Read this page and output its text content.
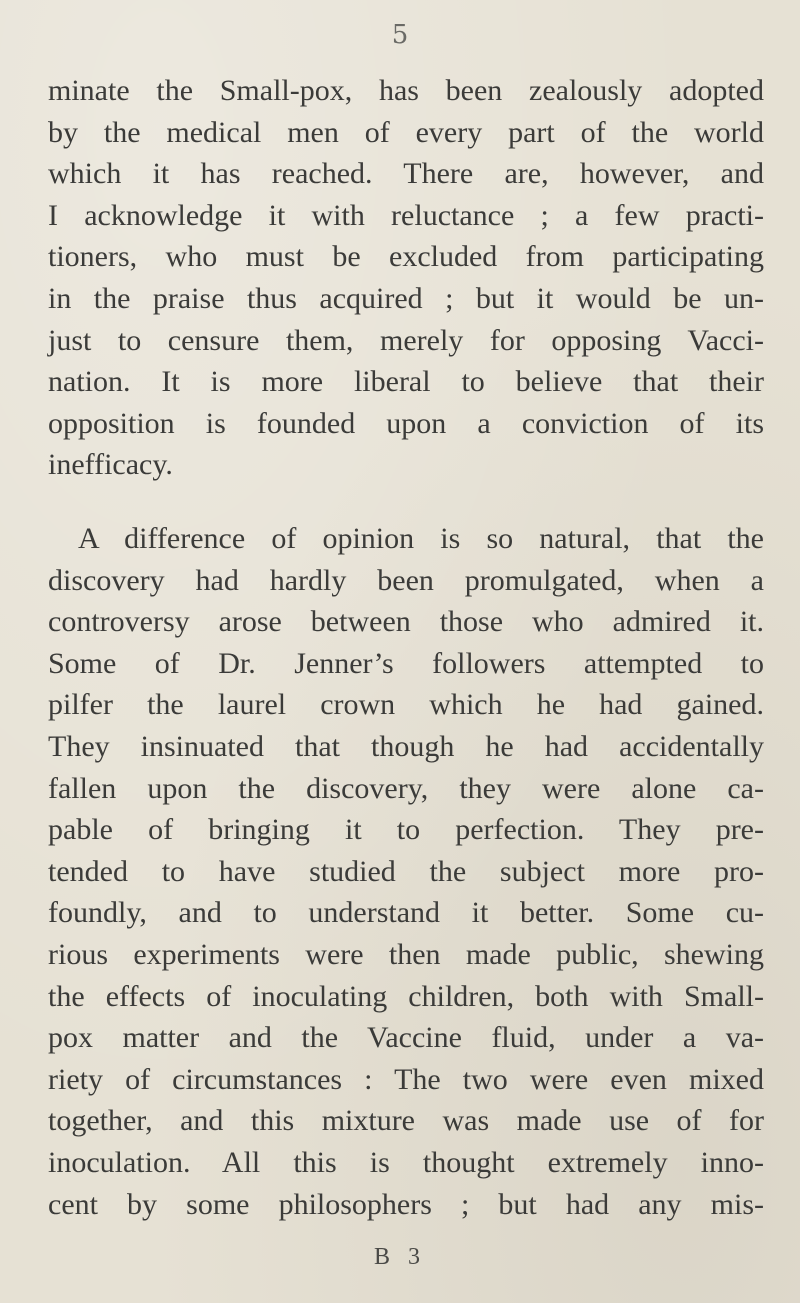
5
minate the Small-pox, has been zealously adopted
by the medical men of every part of the world
which it has reached. There are, however, and
I acknowledge it with reluctance ; a few practi-
tioners, who must be excluded from participating
in the praise thus acquired ; but it would be un-
just to censure them, merely for opposing Vacci-
nation. It is more liberal to believe that their
opposition is founded upon a conviction of its
inefficacy.
A difference of opinion is so natural, that the
discovery had hardly been promulgated, when a
controversy arose between those who admired it.
Some of Dr. Jenner’s followers attempted to
pilfer the laurel crown which he had gained.
They insinuated that though he had accidentally
fallen upon the discovery, they were alone ca-
pable of bringing it to perfection. They pre-
tended to have studied the subject more pro-
foundly, and to understand it better. Some cu-
rious experiments were then made public, shewing
the effects of inoculating children, both with Small-
pox matter and the Vaccine fluid, under a va-
riety of circumstances : The two were even mixed
together, and this mixture was made use of for
inoculation. All this is thought extremely inno-
cent by some philosophers ; but had any mis-
B 3
